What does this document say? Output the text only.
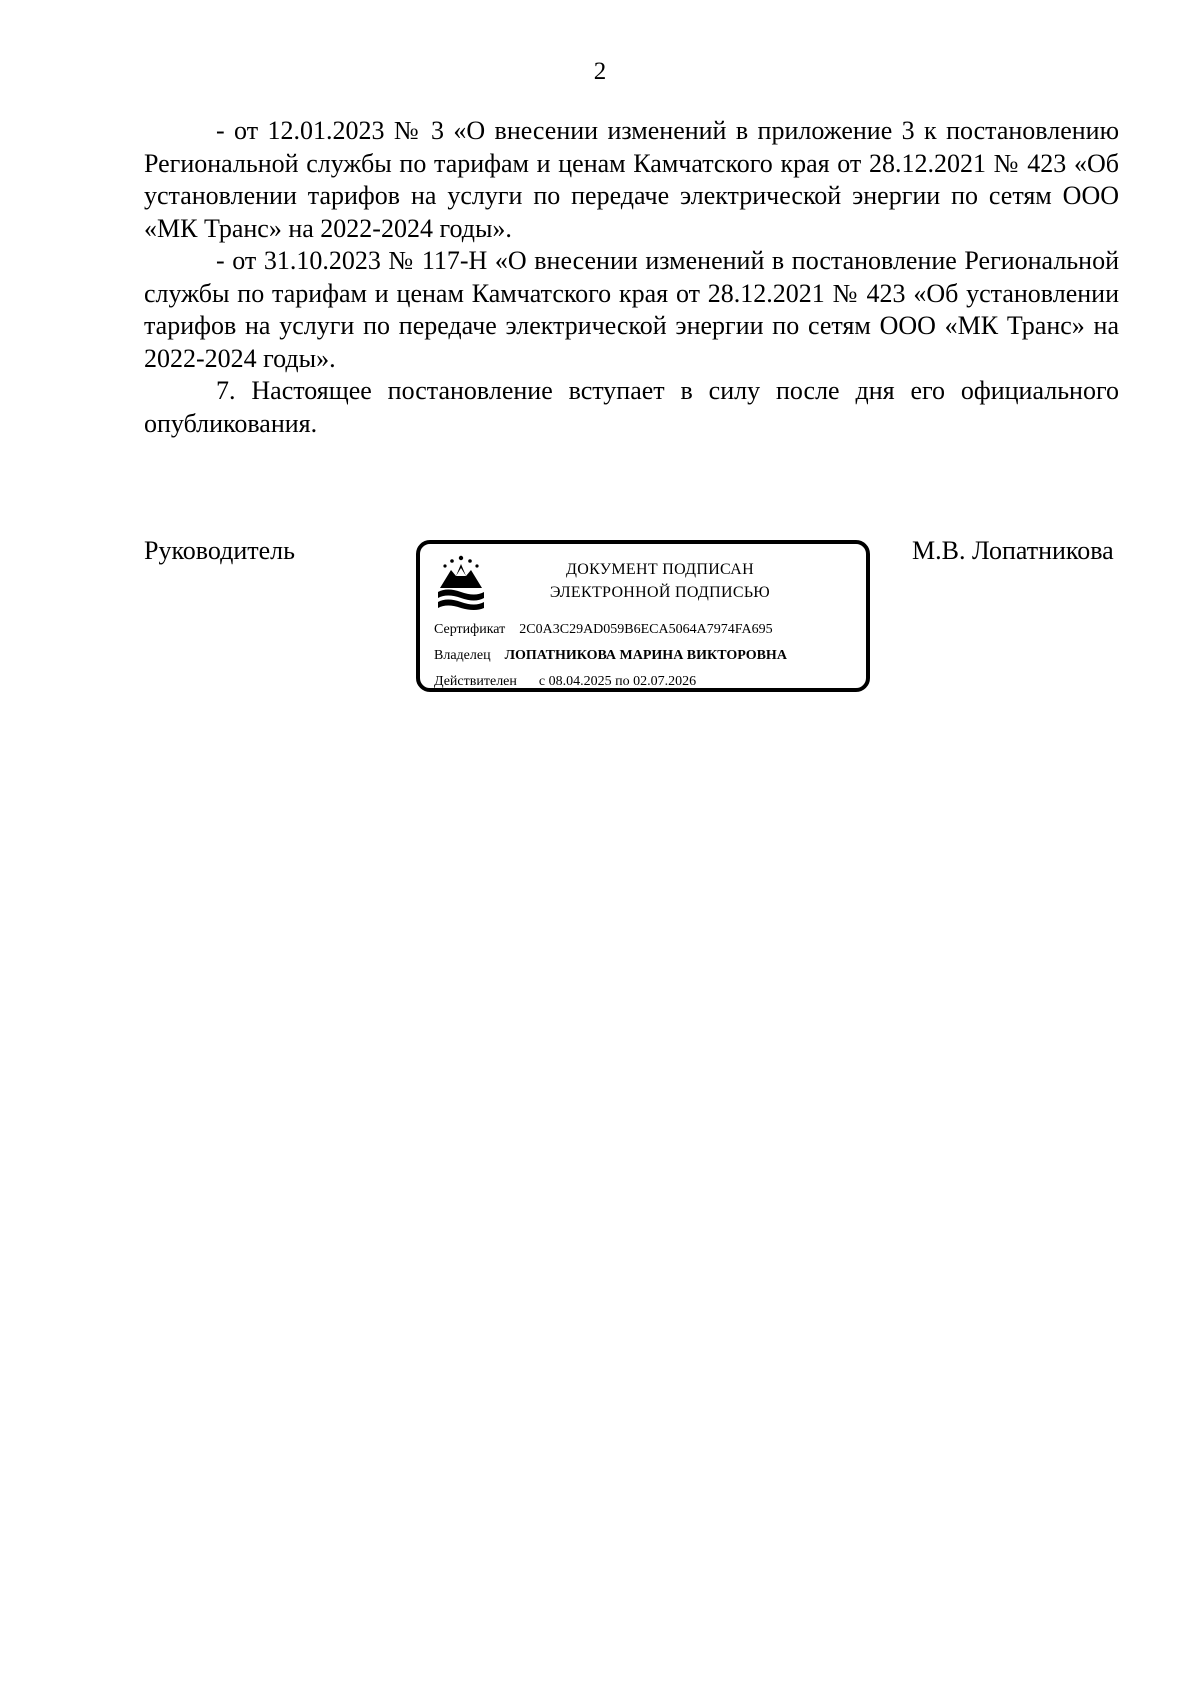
2

- от 12.01.2023 № 3 «О внесении изменений в приложение 3 к постановлению Региональной службы по тарифам и ценам Камчатского края от 28.12.2021 № 423 «Об установлении тарифов на услуги по передаче электрической энергии по сетям ООО «МК Транс» на 2022-2024 годы».

- от 31.10.2023 № 117-Н «О внесении изменений в постановление Региональной службы по тарифам и ценам Камчатского края от 28.12.2021 № 423 «Об установлении тарифов на услуги по передаче электрической энергии по сетям ООО «МК Транс» на 2022-2024 годы».

7. Настоящее постановление вступает в силу после дня его официального опубликования.

Руководитель
ДОКУМЕНТ ПОДПИСАН
ЭЛЕКТРОННОЙ ПОДПИСЬЮ
Сертификат 2C0A3C29AD059B6ECA5064A7974FA695
Владелец ЛОПАТНИКОВА МАРИНА ВИКТОРОВНА
Действителен с 08.04.2025 по 02.07.2026
М.В. Лопатникова
